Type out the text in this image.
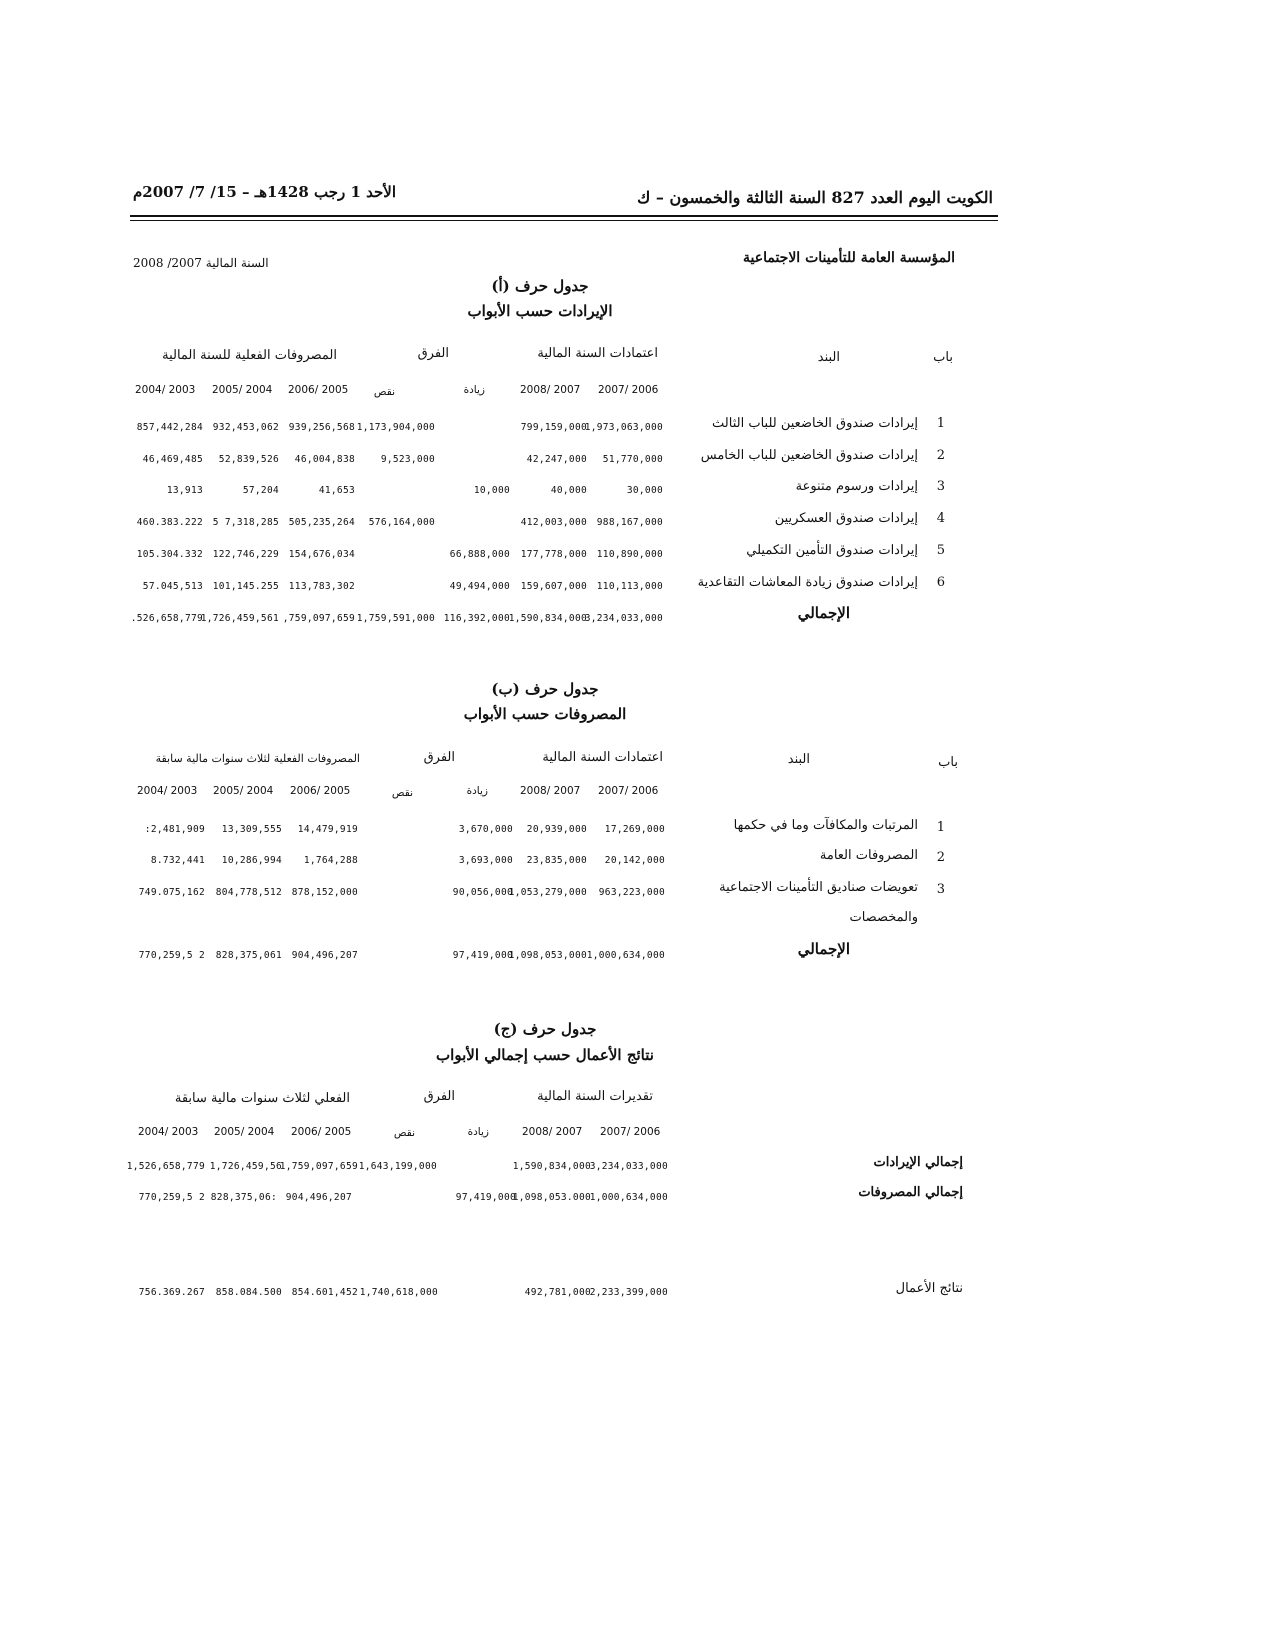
الكويت اليوم العدد 827 السنة الثالثة والخمسون – ك
الأحد 1 رجب 1428هـ – 15/ 7/ 2007م
المؤسسة العامة للتأمينات الاجتماعية
السنة المالية 2007/ 2008
جدول حرف (أ)
الإيرادات حسب الأبواب
باب
البند
اعتمادات السنة المالية
الفرق
المصروفات الفعلية للسنة المالية
2007/ 2006
2008/ 2007
زيادة
نقص
2006/ 2005
2005/ 2004
2004/ 2003
1
إيرادات صندوق الخاضعين للباب الثالث
1,973,063,000
799,159,000
1,173,904,000
939,256,568
932,453,062
857,442,284
2
إيرادات صندوق الخاضعين للباب الخامس
51,770,000
42,247,000
9,523,000
46,004,838
52,839,526
46,469,485
3
إيرادات ورسوم متنوعة
30,000
40,000
10,000
41,653
57,204
13,913
4
إيرادات صندوق العسكريين
988,167,000
412,003,000
576,164,000
505,235,264
5 7,318,285
460.383.222
5
إيرادات صندوق التأمين التكميلي
110,890,000
177,778,000
66,888,000
154,676,034
122,746,229
105.304.332
6
إيرادات صندوق زيادة المعاشات التقاعدية
110,113,000
159,607,000
49,494,000
113,783,302
101,145.255
57.045,513
الإجمالي
3,234,033,000
1,590,834,000
116,392,000
1,759,591,000
,759,097,659
1,726,459,561
.526,658,779
جدول حرف (ب)
المصروفات حسب الأبواب
باب
البند
اعتمادات السنة المالية
الفرق
المصروفات الفعلية لثلاث سنوات مالية سابقة
2007/ 2006
2008/ 2007
زيادة
نقص
2006/ 2005
2005/ 2004
2004/ 2003
1
المرتبات والمكافآت وما في حكمها
17,269,000
20,939,000
3,670,000
14,479,919
13,309,555
:2,481,909
2
المصروفات العامة
20,142,000
23,835,000
3,693,000
1,764,288
10,286,994
8.732,441
3
تعويضات صناديق التأمينات الاجتماعية
والمخصصات
963,223,000
1,053,279,000
90,056,000
878,152,000
804,778,512
749.075,162
الإجمالي
1,000,634,000
1,098,053,000
97,419,000
904,496,207
828,375,061
770,259,5 2
جدول حرف (ج)
نتائج الأعمال حسب إجمالي الأبواب
تقديرات السنة المالية
الفرق
الفعلي لثلاث سنوات مالية سابقة
2007/ 2006
2008/ 2007
زيادة
نقص
2006/ 2005
2005/ 2004
2004/ 2003
إجمالي الإيرادات
3,234,033,000
1,590,834,000
1,643,199,000
1,759,097,659
1,726,459,56
1,526,658,779
إجمالي المصروفات
1,000,634,000
1,098,053.000
97,419,000
904,496,207
828,375,06:
770,259,5 2
نتائج الأعمال
2,233,399,000
492,781,000
1,740,618,000
854.601,452
858.084.500
756.369.267
